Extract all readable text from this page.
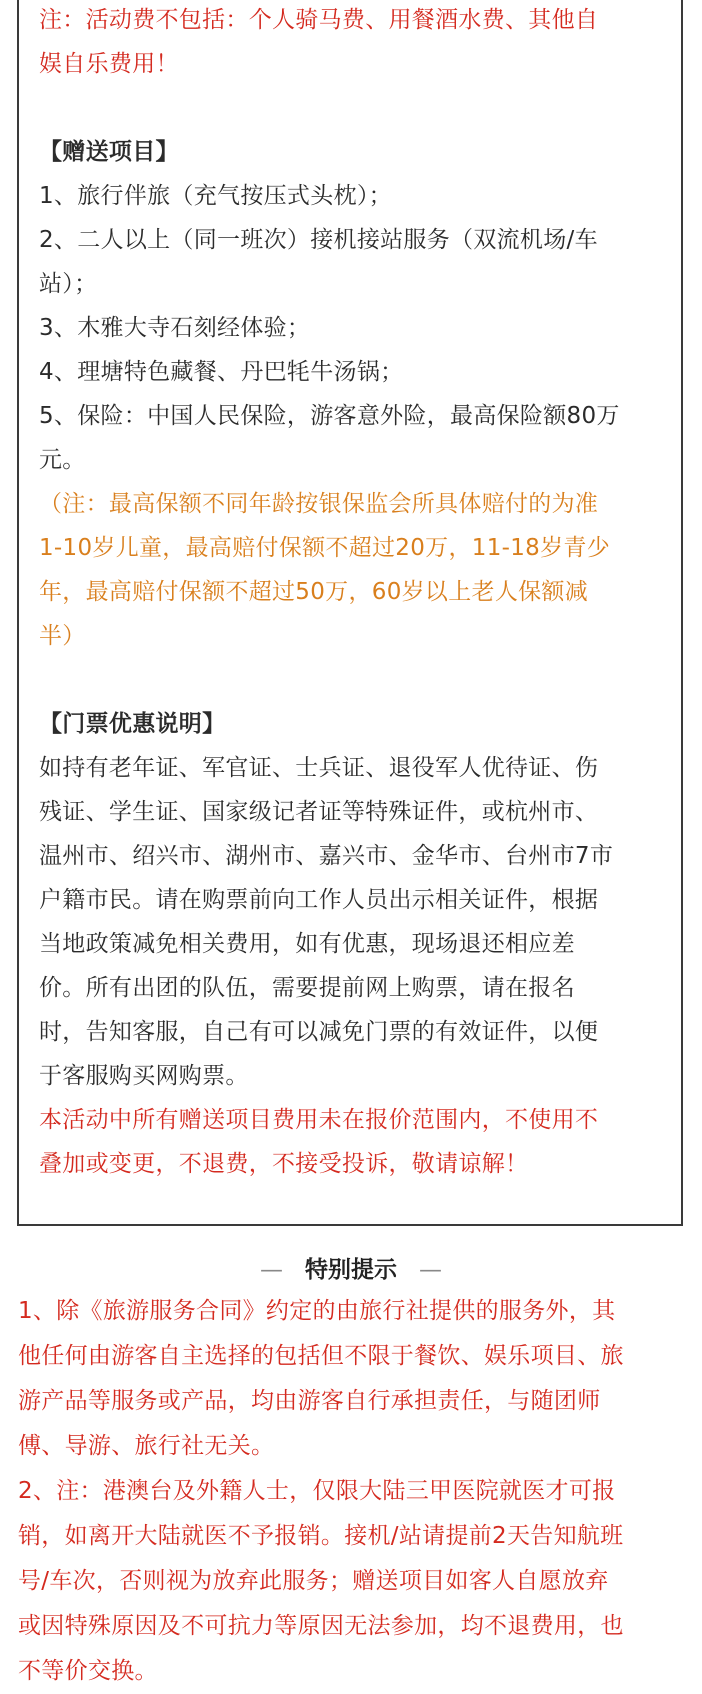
注：活动费不包括：个人骑马费、用餐酒水费、其他自
娱自乐费用！
【赠送项目】
1、旅行伴旅（充气按压式头枕）；
2、二人以上（同一班次）接机接站服务（双流机场/车
站）；
3、木雅大寺石刻经体验；
4、理塘特色藏餐、丹巴牦牛汤锅；
5、保险：中国人民保险，游客意外险，最高保险额80万
元。
（注：最高保额不同年龄按银保监会所具体赔付的为准
1-10岁儿童，最高赔付保额不超过20万，11-18岁青少
年，最高赔付保额不超过50万，60岁以上老人保额减
半）
【门票优惠说明】
如持有老年证、军官证、士兵证、退役军人优待证、伤
残证、学生证、国家级记者证等特殊证件，或杭州市、
温州市、绍兴市、湖州市、嘉兴市、金华市、台州市7市
户籍市民。请在购票前向工作人员出示相关证件，根据
当地政策减免相关费用，如有优惠，现场退还相应差
价。所有出团的队伍，需要提前网上购票，请在报名
时，告知客服，自己有可以减免门票的有效证件，以便
于客服购买网购票。
本活动中所有赠送项目费用未在报价范围内，不使用不
叠加或变更，不退费，不接受投诉，敬请谅解！
— 特别提示 —
1、除《旅游服务合同》约定的由旅行社提供的服务外，其
他任何由游客自主选择的包括但不限于餐饮、娱乐项目、旅
游产品等服务或产品，均由游客自行承担责任，与随团师
傅、导游、旅行社无关。
2、注：港澳台及外籍人士，仅限大陆三甲医院就医才可报
销，如离开大陆就医不予报销。接机/站请提前2天告知航班
号/车次，否则视为放弃此服务；赠送项目如客人自愿放弃
或因特殊原因及不可抗力等原因无法参加，均不退费用，也
不等价交换。
